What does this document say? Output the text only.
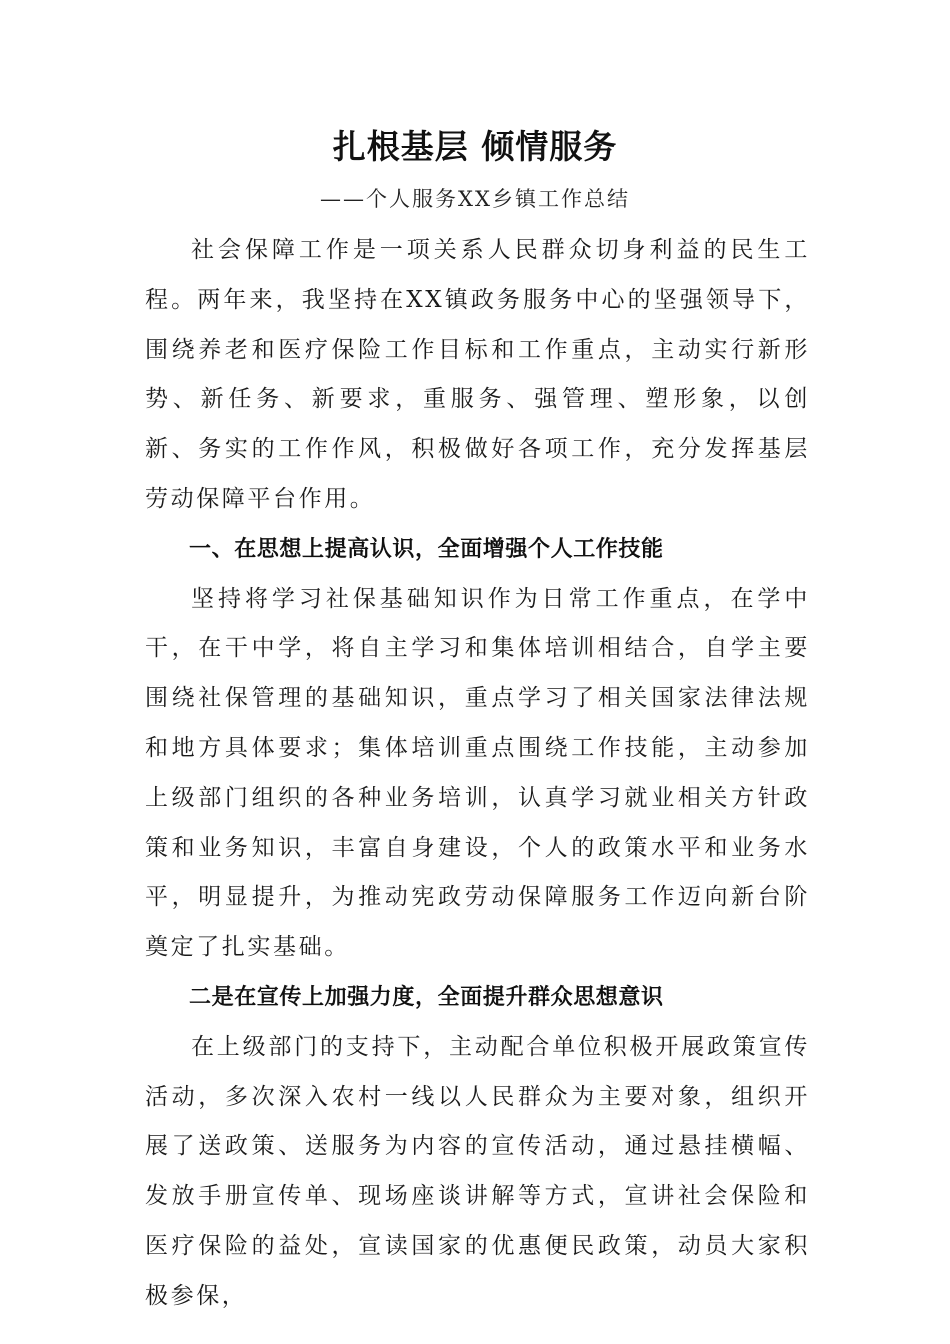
扎根基层 倾情服务
——个人服务XX乡镇工作总结

社会保障工作是一项关系人民群众切身利益的民生工程。两年来，我坚持在XX镇政务服务中心的坚强领导下，围绕养老和医疗保险工作目标和工作重点，主动实行新形势、新任务、新要求，重服务、强管理、塑形象，以创新、务实的工作作风，积极做好各项工作，充分发挥基层劳动保障平台作用。

一、在思想上提高认识，全面增强个人工作技能

坚持将学习社保基础知识作为日常工作重点，在学中干，在干中学，将自主学习和集体培训相结合，自学主要围绕社保管理的基础知识，重点学习了相关国家法律法规和地方具体要求；集体培训重点围绕工作技能，主动参加上级部门组织的各种业务培训，认真学习就业相关方针政策和业务知识，丰富自身建设，个人的政策水平和业务水平，明显提升，为推动宪政劳动保障服务工作迈向新台阶奠定了扎实基础。

二是在宣传上加强力度，全面提升群众思想意识

在上级部门的支持下，主动配合单位积极开展政策宣传活动，多次深入农村一线以人民群众为主要对象，组织开展了送政策、送服务为内容的宣传活动，通过悬挂横幅、发放手册宣传单、现场座谈讲解等方式，宣讲社会保险和医疗保险的益处，宣读国家的优惠便民政策，动员大家积极参保，
